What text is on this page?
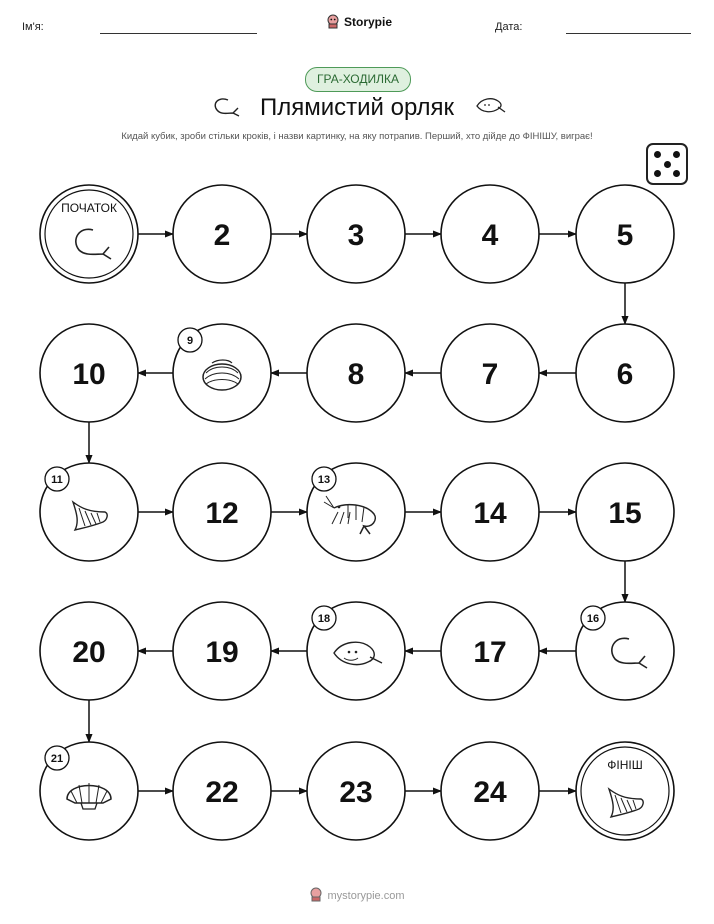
Ім'я:	Storypie	Дата:
ГРА-ХОДИЛКА
Плямистий орляк
Кидай кубик, зроби стільки кроків, і назви картинку, на яку потрапив. Перший, хто дійде до ФІНІШУ, виграє!
ПОЧАТОК
2	3	4	5
6
7
8
9
10
11
12
13
14	15
16
17
18
19
20
21
22	23	24
ФІНІШ
mystorypie.com
